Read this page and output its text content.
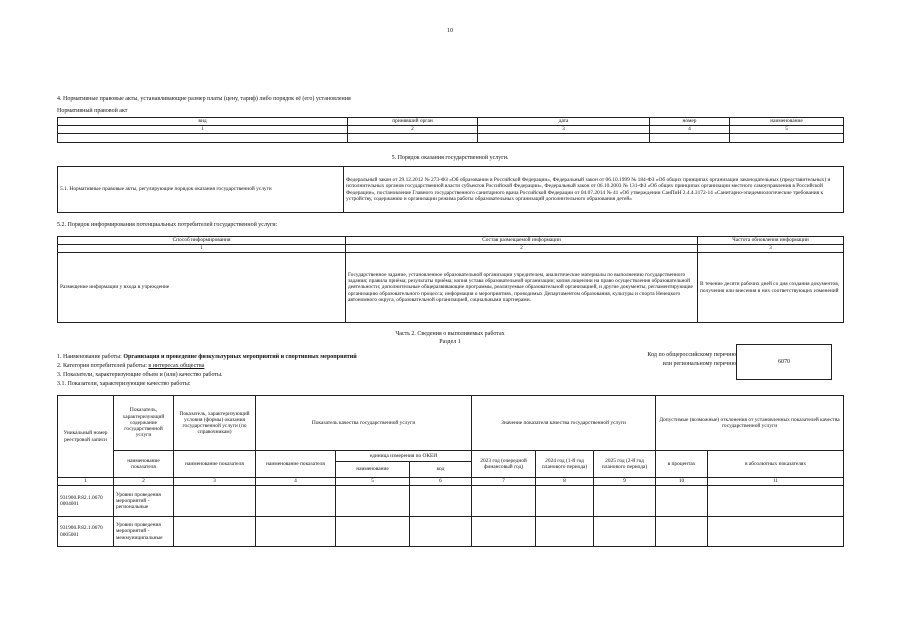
10
4. Нормативные правовые акты, устанавливающие размер платы (цену, тариф) либо порядок её (его) установления
Нормативный правовой акт
вид	принявший орган	дата	номер	наименование
1	2	3	4	5

5. Порядок оказания государственной услуги.
5.1. Нормативные правовые акты, регулирующие порядок оказания государственной услуги	Федеральный закон от 29.12.2012 № 273-ФЗ «Об образовании в Российской Федерации», Федеральный закон от 06.10.1999 № 184-ФЗ «Об общих принципах организации законодательных (представительных) и исполнительных органов государственной власти субъектов Российской Федерации», Федеральный закон от 06.10.2003 № 131-ФЗ «Об общих принципах организации местного самоуправления в Российской Федерации», постановление Главного государственного санитарного врача Российской Федерации от 04.07.2014 № 41 «Об утверждении СанПиН 2.4.4.3172-14 «Санитарно-эпидемиологические требования к устройству, содержанию и организации режима работы образовательных организаций дополнительного образования детей»
5.2. Порядок информирования потенциальных потребителей государственной услуги:
Способ информирования	Состав размещаемой информации	Частота обновления информации
1	2	3
Размещение информации у входа в учреждение	Государственное задание, установленное образовательной организации учредителем, аналитические материалы по выполнению государственного задания; правила приёма; результаты приёма; копия устава образовательной организации; копия лицензии на право осуществления образовательной деятельности; дополнительные общеразвивающие программы, реализуемые образовательной организацией, и другие документы, регламентирующие организацию образовательного процесса; информация о мероприятиях, проводимых Департаментом образования, культуры и спорта Ненецкого автономного округа, образовательной организацией, социальными партнерами.	В течение десяти рабочих дней со дня создания документов, получения или внесения в них соответствующих изменений
Часть 2. Сведения о выполняемых работах
Раздел 1
1. Наименование работы: Организация и проведение физкультурных мероприятий и спортивных мероприятий
2. Категория потребителей работы: в интересах общества
3. Показатели, характеризующие объем и (или) качество работы.
3.1. Показатели, характеризующие качество работы:
Код по общероссийскому перечню или региональному перечню	6070
Уникальный номер реестровой записи	Показатель, характеризующий содержание государственной услуги	Показатель, характеризующий условия (формы) оказания государственной услуги (по справочникам)	Показатель качества государственной услуги			Значение показателя качества государственной услуги			Допустимые (возможные) отклонения от установленных показателей качества государственной услуги	
	наименование показателя	наименование показателя	наименование показателя	единица измерения по ОКЕИ		2023 год (очередной финансовый год)	2024 год (1-й год планового периода)	2025 год (2-й год планового периода)	в процентах	в абсолютных показателях
				наименование	код					
1	2	3	4	5	6	7	8	9	10	11
931900.Р.82.1.0670 0004001	Уровни проведения мероприятий - региональные									
931900.Р.82.1.0670 0005001	Уровни проведения мероприятий - межмуниципальные									
